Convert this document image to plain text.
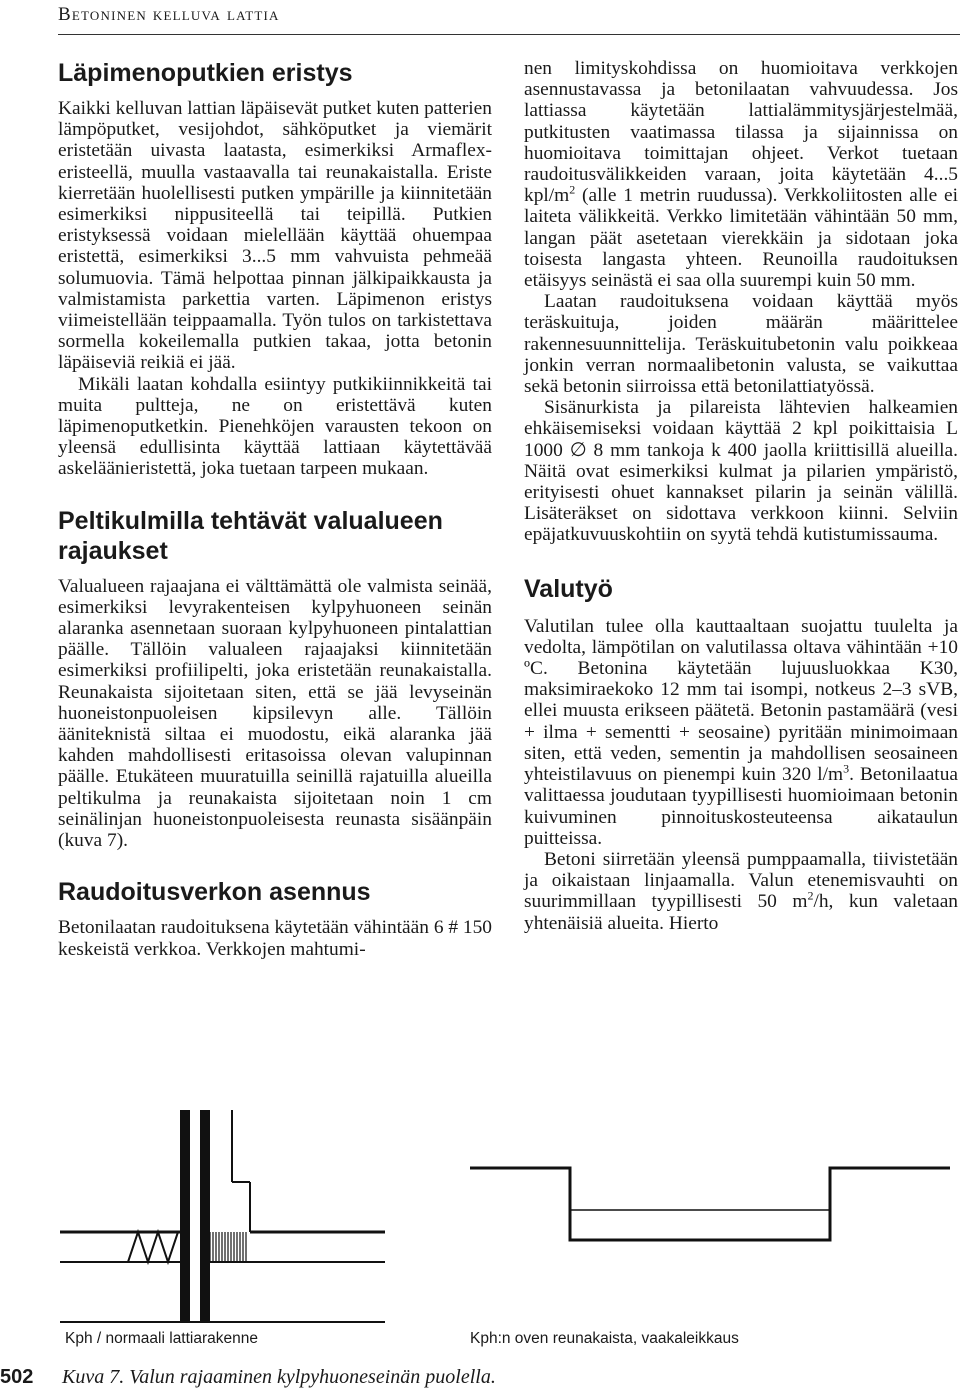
Betoninen kelluva lattia
Läpimenoputkien eristys

Kaikki kelluvan lattian läpäisevät putket kuten patterien lämpöputket, vesijohdot, sähköputket ja viemärit eristetään uivasta laatasta, esimerkiksi Armaflex-eristeellä, muulla vastaavalla tai reunakaistalla. Eriste kierretään huolellisesti putken ympärille ja kiinnitetään esimerkiksi nippusiteellä tai teipillä. Putkien eristyksessä voidaan mielellään käyttää ohuempaa eristettä, esimerkiksi 3...5 mm vahvuista pehmeää solumuovia. Tämä helpottaa pinnan jälkipaikkausta ja valmistamista parkettia varten. Läpimenon eristys viimeistellään teippaamalla. Työn tulos on tarkistettava sormella kokeilemalla putkien takaa, jotta betonin läpäiseviä reikiä ei jää.

Mikäli laatan kohdalla esiintyy putkikiinnikkeitä tai muita pultteja, ne on eristettävä kuten läpimenoputketkin. Pienehköjen varausten tekoon on yleensä edullisinta käyttää lattiaan käytettävää askeläänieristettä, joka tuetaan tarpeen mukaan.

Peltikulmilla tehtävät valualueen rajaukset

Valualueen rajaajana ei välttämättä ole valmista seinää, esimerkiksi levyrakenteisen kylpyhuoneen seinän alaranka asennetaan suoraan kylpyhuoneen pintalattian päälle. Tällöin valualeen rajaajaksi kiinnitetään esimerkiksi profiilipelti, joka eristetään reunakaistalla. Reunakaista sijoitetaan siten, että se jää levyseinän huoneistonpuoleisen kipsilevyn alle. Tällöin ääniteknistä siltaa ei muodostu, eikä alaranka jää kahden mahdollisesti eritasoissa olevan valupinnan päälle. Etukäteen muuratuilla seinillä rajatuilla alueilla peltikulma ja reunakaista sijoitetaan noin 1 cm seinälinjan huoneistonpuoleisesta reunasta sisäänpäin (kuva 7).

Raudoitusverkon asennus

Betonilaatan raudoituksena käytetään vähintään 6 # 150 keskeistä verkkoa. Verkkojen mahtumi-

nen limityskohdissa on huomioitava verkkojen asennustavassa ja betonilaatan vahvuudessa. Jos lattiassa käytetään lattialämmitysjärjestelmää, putkitusten vaatimassa tilassa ja sijainnissa on huomioitava toimittajan ohjeet. Verkot tuetaan raudoitusvälikkeiden varaan, joita käytetään 4...5 kpl/$m^2$ (alle 1 metrin ruudussa). Verkkoliitosten alle ei laiteta välikkeitä. Verkko limitetään vähintään 50 mm, langan päät asetetaan vierekkäin ja sidotaan joka toisesta langasta yhteen. Reunoilla raudoituksen etäisyys seinästä ei saa olla suurempi kuin 50 mm.

Laatan raudoituksena voidaan käyttää myös teräskuituja, joiden määrän määrittelee rakennesuunnittelija. Teräskuitubetonin valu poikkeaa jonkin verran normaalibetonin valusta, se vaikuttaa sekä betonin siirroissa että betonilattiatyössä.

Sisänurkista ja pilareista lähtevien halkeamien ehkäisemiseksi voidaan käyttää 2 kpl poikittaisia L 1000 ∅ 8 mm tankoja k 400 jaolla kriittisillä alueilla. Näitä ovat esimerkiksi kulmat ja pilarien ympäristö, erityisesti ohuet kannakset pilarin ja seinän välillä. Lisäteräkset on sidottava verkkoon kiinni. Selviin epäjatkuvuuskohtiin on syytä tehdä kutistumissauma.

Valutyö

Valutilan tulee olla kauttaaltaan suojattu tuulelta ja vedolta, lämpötilan on valutilassa oltava vähintään +10 ºC. Betonina käytetään lujuusluokkaa K30, maksimiraekoko 12 mm tai isompi, notkeus 2–3 sVB, ellei muusta erikseen päätetä. Betonin pastamäärä (vesi + ilma + sementti + seosaine) pyritään minimoimaan siten, että veden, sementin ja mahdollisen seosaineen yhteistilavuus on pienempi kuin 320 $l/m^3$. Betonilaatua valittaessa joudutaan tyypillisesti huomioimaan betonin kuivuminen pinnoituskosteuteensa aikataulun puitteissa.

Betoni siirretään yleensä pumppaamalla, tiivistetään ja oikaistaan linjaamalla. Valun etenemisvauhti on suurimmillaan tyypillisesti 50 $m^2/h$, kun valetaan yhtenäisiä alueita. Hierto

Kph / normaali lattiarakenne	Kph:n oven reunakaista, vaakaleikkaus
502 Kuva 7. Valun rajaaminen kylpyhuoneseinän puolella.
